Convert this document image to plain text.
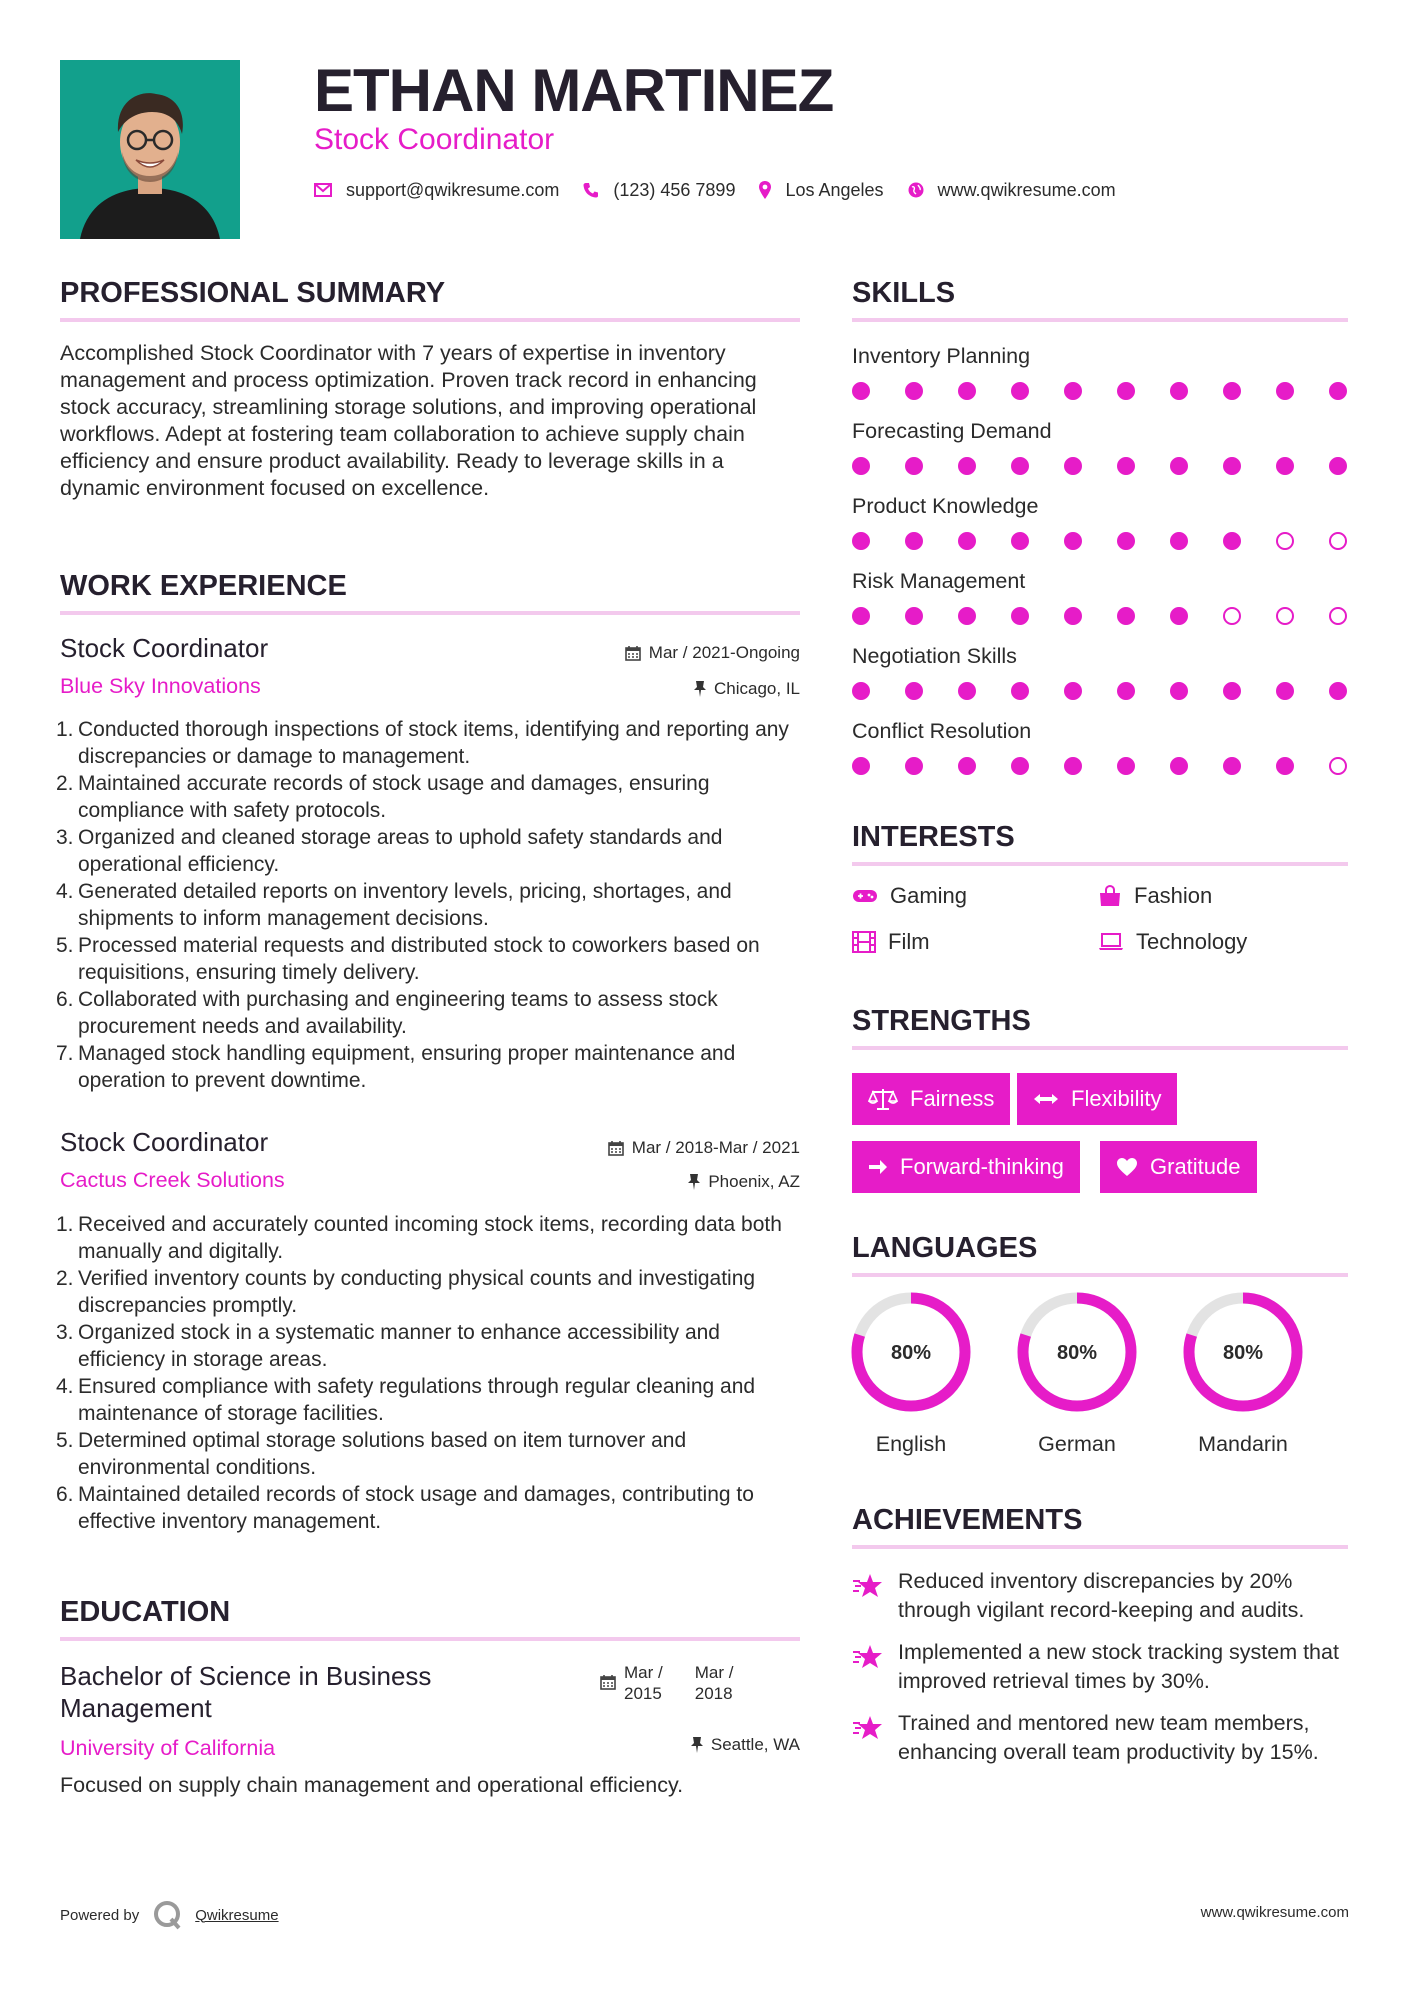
ETHAN MARTINEZ
Stock Coordinator
support@qwikresume.com	(123) 456 7899	Los Angeles	www.qwikresume.com
PROFESSIONAL SUMMARY
Accomplished Stock Coordinator with 7 years of expertise in inventory management and process optimization. Proven track record in enhancing stock accuracy, streamlining storage solutions, and improving operational workflows. Adept at fostering team collaboration to achieve supply chain efficiency and ensure product availability. Ready to leverage skills in a dynamic environment focused on excellence.
WORK EXPERIENCE
Stock Coordinator
Blue Sky Innovations
Mar / 2021-Ongoing
Chicago, IL
1. Conducted thorough inspections of stock items, identifying and reporting any discrepancies or damage to management.
2. Maintained accurate records of stock usage and damages, ensuring compliance with safety protocols.
3. Organized and cleaned storage areas to uphold safety standards and operational efficiency.
4. Generated detailed reports on inventory levels, pricing, shortages, and shipments to inform management decisions.
5. Processed material requests and distributed stock to coworkers based on requisitions, ensuring timely delivery.
6. Collaborated with purchasing and engineering teams to assess stock procurement needs and availability.
7. Managed stock handling equipment, ensuring proper maintenance and operation to prevent downtime.
Stock Coordinator
Cactus Creek Solutions
Mar / 2018-Mar / 2021
Phoenix, AZ
1. Received and accurately counted incoming stock items, recording data both manually and digitally.
2. Verified inventory counts by conducting physical counts and investigating discrepancies promptly.
3. Organized stock in a systematic manner to enhance accessibility and efficiency in storage areas.
4. Ensured compliance with safety regulations through regular cleaning and maintenance of storage facilities.
5. Determined optimal storage solutions based on item turnover and environmental conditions.
6. Maintained detailed records of stock usage and damages, contributing to effective inventory management.
EDUCATION
Bachelor of Science in Business
Management
University of California
Mar /
2015
Mar /
2018
Seattle, WA
Focused on supply chain management and operational efficiency.
SKILLS
Inventory Planning
Forecasting Demand
Product Knowledge
Risk Management
Negotiation Skills
Conflict Resolution
INTERESTS
Gaming	Fashion
Film	Technology
STRENGTHS
Fairness	Flexibility
Forward-thinking	Gratitude
LANGUAGES
80%	80%	80%
English	German	Mandarin
ACHIEVEMENTS
Reduced inventory discrepancies by 20% through vigilant record-keeping and audits.
Implemented a new stock tracking system that improved retrieval times by 30%.
Trained and mentored new team members, enhancing overall team productivity by 15%.
Powered by	Qwikresume	www.qwikresume.com
